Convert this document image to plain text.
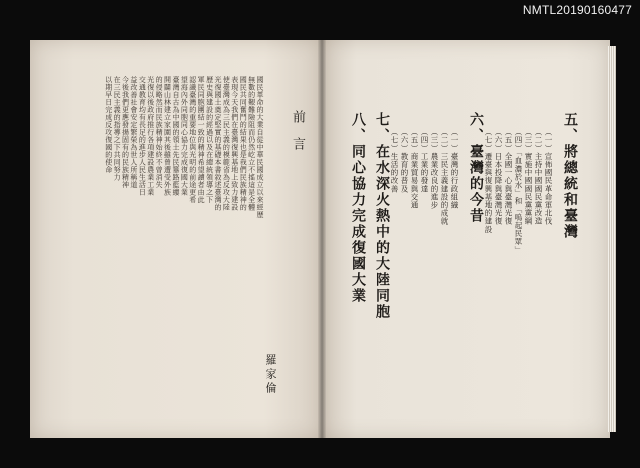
NMTL20190160477
前言
國民革命的大業自從中華民國成立以來經歷
無數的艱難險阻而仍然屹立不搖這是全體
國民共同奮鬥的結果也是我們民族精神的
表現今天我們在臺灣復興基地上致力建設
使臺灣成為三民主義的模範省為反攻大陸
光復國土奠定堅實的基礎本書敘述臺灣的
歷史與建設的經過以及在總統領導之下
軍民同胞團結一致的精神希望讀者由此
認識臺灣的重要地位與光明的前途更希
望海內外同胞同心協力完成復國大業
臺灣自古為中國的領土先民篳路藍縷
開闢山林建立家園其後雖曾遭受外族
的侵略然而民族精神始終不曾消失
光復以後政府推行各項建設農業工業
交通教育均有長足的進步人民生活日
益改善社會安定繁榮為世人所稱道
今後我們更應發揚固有的民族精神
在三民主義的指導之下共同努力
以期早日完成反攻復國的使命
羅家倫
五、將總統和臺灣
（一）宣佈國民革命軍北伐
（二）主持中國國民黨改造
（三）實施中國國民黨黨綱
（四）「血濃於水」和「嗚起民眾」
（五）全國一心與臺灣光復
（六）日本投降與臺灣光復
（七）遷臺與復興基地的建設
六、臺灣的今昔
（一）臺灣的行政組織
（二）三民主義建設的成就
（三）農業改良的進步
（四）工業的發達
（五）商業貿易與交通
（六）教育的普及
（七）生活的改善
七、在水深火熱中的大陸同胞
八、同心協力完成復國大業
